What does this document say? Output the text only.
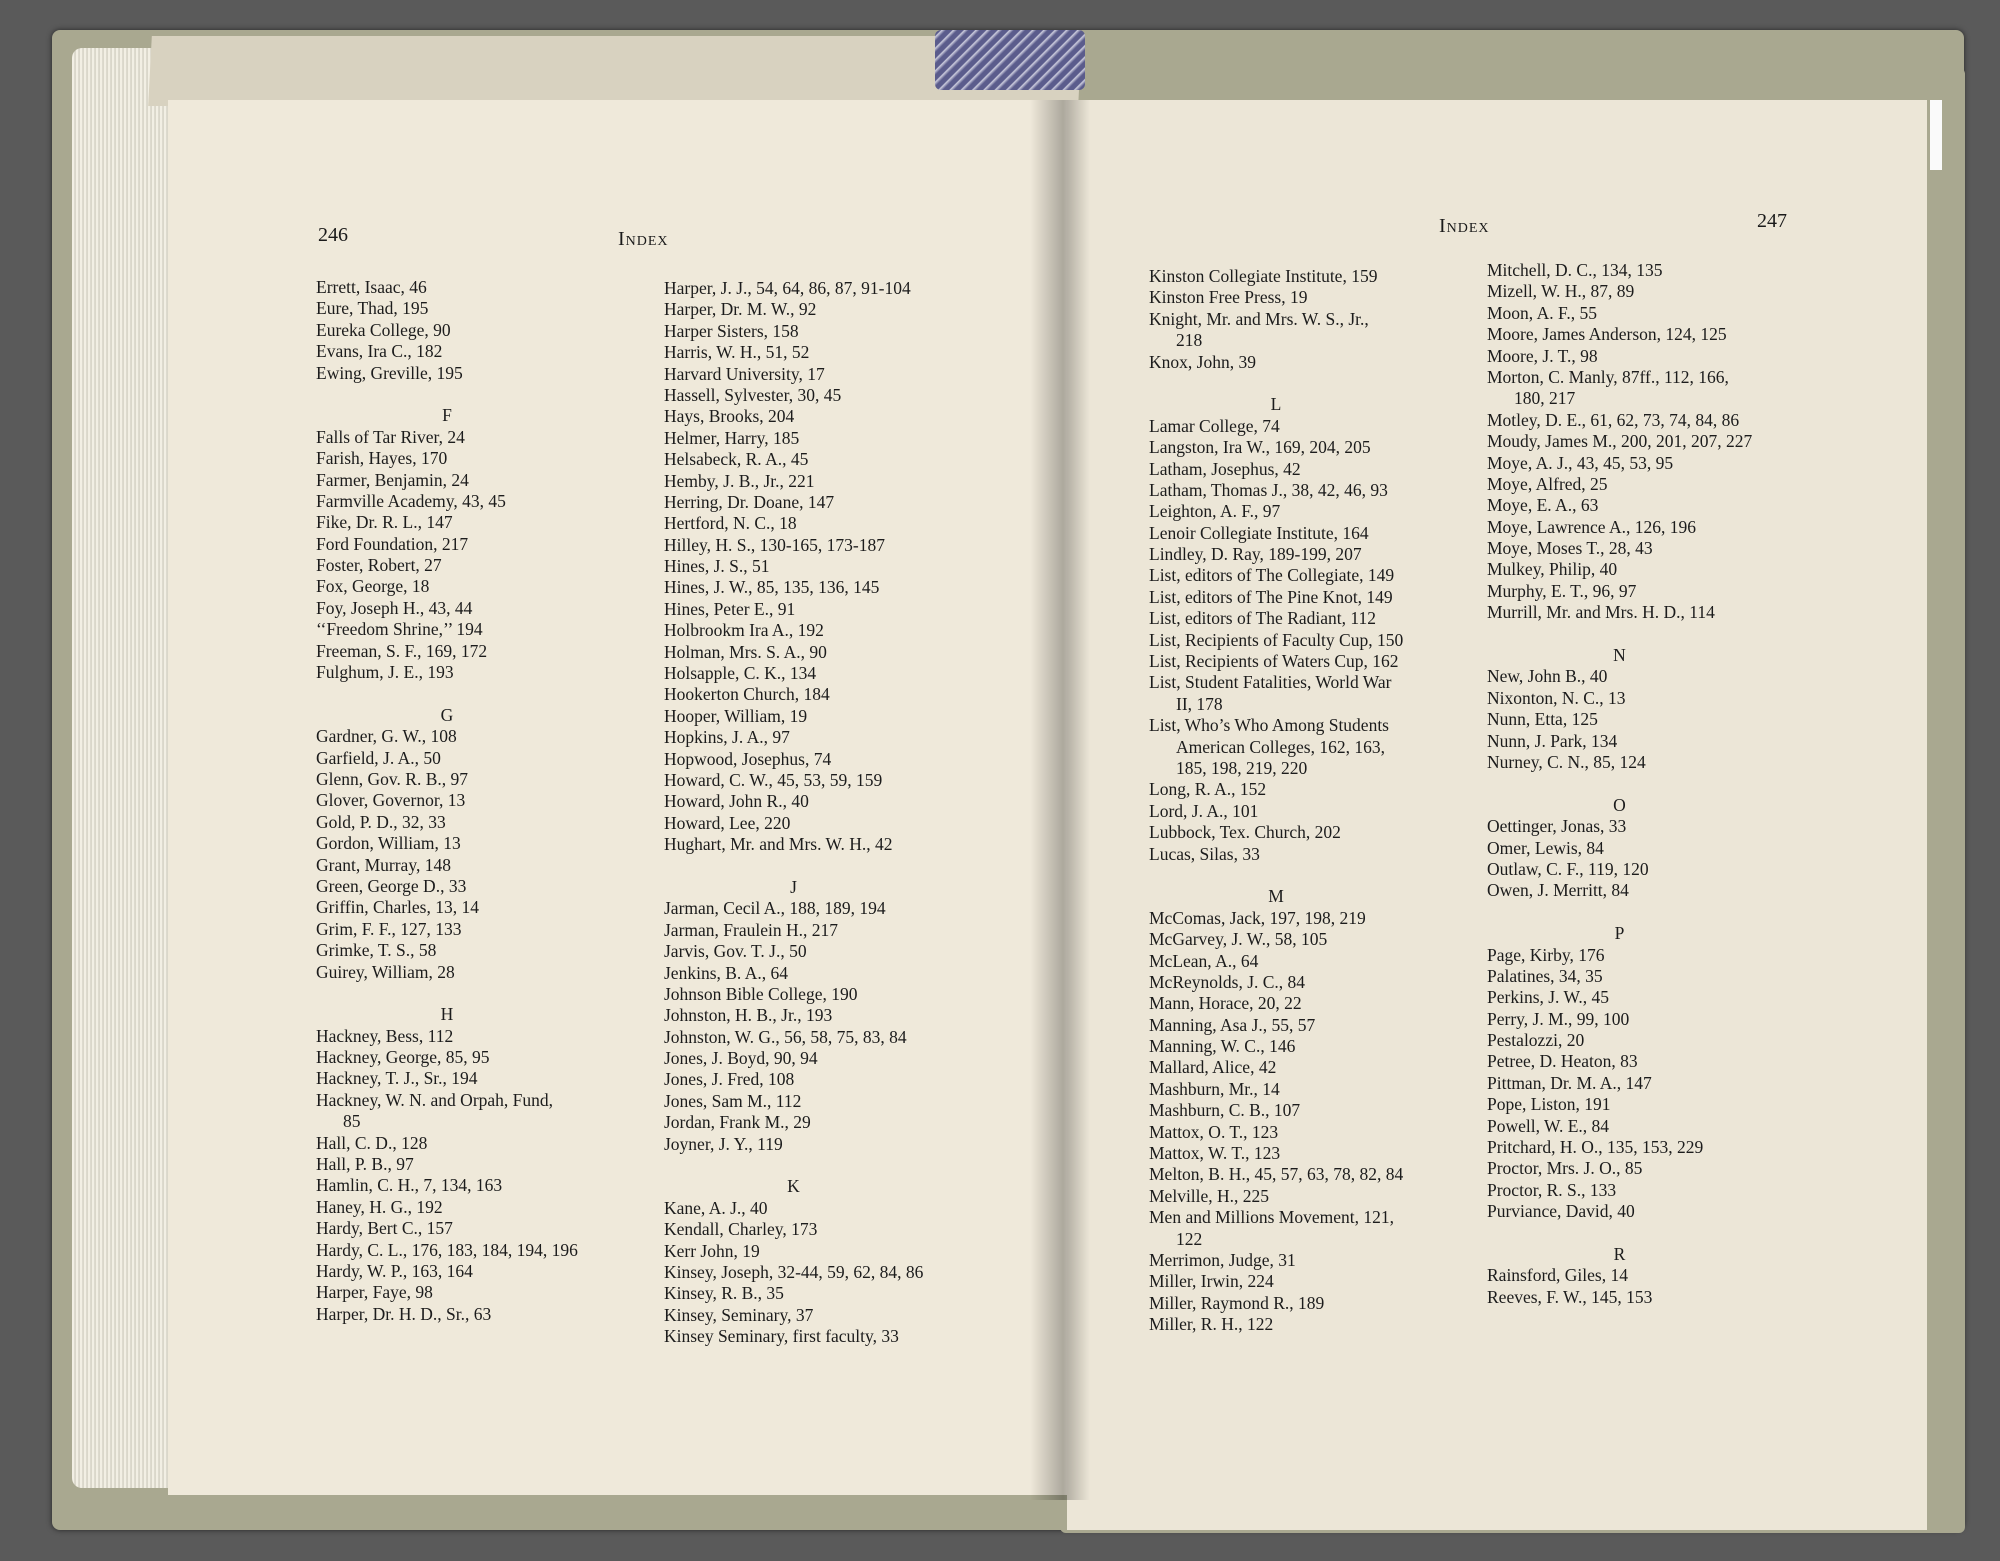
246	Index
Errett, Isaac, 46
Eure, Thad, 195
Eureka College, 90
Evans, Ira C., 182
Ewing, Greville, 195
F
Falls of Tar River, 24
Farish, Hayes, 170
Farmer, Benjamin, 24
Farmville Academy, 43, 45
Fike, Dr. R. L., 147
Ford Foundation, 217
Foster, Robert, 27
Fox, George, 18
Foy, Joseph H., 43, 44
‘‘Freedom Shrine,’’ 194
Freeman, S. F., 169, 172
Fulghum, J. E., 193
G
Gardner, G. W., 108
Garfield, J. A., 50
Glenn, Gov. R. B., 97
Glover, Governor, 13
Gold, P. D., 32, 33
Gordon, William, 13
Grant, Murray, 148
Green, George D., 33
Griffin, Charles, 13, 14
Grim, F. F., 127, 133
Grimke, T. S., 58
Guirey, William, 28
H
Hackney, Bess, 112
Hackney, George, 85, 95
Hackney, T. J., Sr., 194
Hackney, W. N. and Orpah, Fund,
85
Hall, C. D., 128
Hall, P. B., 97
Hamlin, C. H., 7, 134, 163
Haney, H. G., 192
Hardy, Bert C., 157
Hardy, C. L., 176, 183, 184, 194, 196
Hardy, W. P., 163, 164
Harper, Faye, 98
Harper, Dr. H. D., Sr., 63
Harper, J. J., 54, 64, 86, 87, 91-104
Harper, Dr. M. W., 92
Harper Sisters, 158
Harris, W. H., 51, 52
Harvard University, 17
Hassell, Sylvester, 30, 45
Hays, Brooks, 204
Helmer, Harry, 185
Helsabeck, R. A., 45
Hemby, J. B., Jr., 221
Herring, Dr. Doane, 147
Hertford, N. C., 18
Hilley, H. S., 130-165, 173-187
Hines, J. S., 51
Hines, J. W., 85, 135, 136, 145
Hines, Peter E., 91
Holbrookm Ira A., 192
Holman, Mrs. S. A., 90
Holsapple, C. K., 134
Hookerton Church, 184
Hooper, William, 19
Hopkins, J. A., 97
Hopwood, Josephus, 74
Howard, C. W., 45, 53, 59, 159
Howard, John R., 40
Howard, Lee, 220
Hughart, Mr. and Mrs. W. H., 42
J
Jarman, Cecil A., 188, 189, 194
Jarman, Fraulein H., 217
Jarvis, Gov. T. J., 50
Jenkins, B. A., 64
Johnson Bible College, 190
Johnston, H. B., Jr., 193
Johnston, W. G., 56, 58, 75, 83, 84
Jones, J. Boyd, 90, 94
Jones, J. Fred, 108
Jones, Sam M., 112
Jordan, Frank M., 29
Joyner, J. Y., 119
K
Kane, A. J., 40
Kendall, Charley, 173
Kerr John, 19
Kinsey, Joseph, 32-44, 59, 62, 84, 86
Kinsey, R. B., 35
Kinsey, Seminary, 37
Kinsey Seminary, first faculty, 33
Index	247
Kinston Collegiate Institute, 159
Kinston Free Press, 19
Knight, Mr. and Mrs. W. S., Jr.,
218
Knox, John, 39
L
Lamar College, 74
Langston, Ira W., 169, 204, 205
Latham, Josephus, 42
Latham, Thomas J., 38, 42, 46, 93
Leighton, A. F., 97
Lenoir Collegiate Institute, 164
Lindley, D. Ray, 189-199, 207
List, editors of The Collegiate, 149
List, editors of The Pine Knot, 149
List, editors of The Radiant, 112
List, Recipients of Faculty Cup, 150
List, Recipients of Waters Cup, 162
List, Student Fatalities, World War
II, 178
List, Who’s Who Among Students
American Colleges, 162, 163,
185, 198, 219, 220
Long, R. A., 152
Lord, J. A., 101
Lubbock, Tex. Church, 202
Lucas, Silas, 33
M
McComas, Jack, 197, 198, 219
McGarvey, J. W., 58, 105
McLean, A., 64
McReynolds, J. C., 84
Mann, Horace, 20, 22
Manning, Asa J., 55, 57
Manning, W. C., 146
Mallard, Alice, 42
Mashburn, Mr., 14
Mashburn, C. B., 107
Mattox, O. T., 123
Mattox, W. T., 123
Melton, B. H., 45, 57, 63, 78, 82, 84
Melville, H., 225
Men and Millions Movement, 121,
122
Merrimon, Judge, 31
Miller, Irwin, 224
Miller, Raymond R., 189
Miller, R. H., 122
Mitchell, D. C., 134, 135
Mizell, W. H., 87, 89
Moon, A. F., 55
Moore, James Anderson, 124, 125
Moore, J. T., 98
Morton, C. Manly, 87ff., 112, 166,
180, 217
Motley, D. E., 61, 62, 73, 74, 84, 86
Moudy, James M., 200, 201, 207, 227
Moye, A. J., 43, 45, 53, 95
Moye, Alfred, 25
Moye, E. A., 63
Moye, Lawrence A., 126, 196
Moye, Moses T., 28, 43
Mulkey, Philip, 40
Murphy, E. T., 96, 97
Murrill, Mr. and Mrs. H. D., 114
N
New, John B., 40
Nixonton, N. C., 13
Nunn, Etta, 125
Nunn, J. Park, 134
Nurney, C. N., 85, 124
O
Oettinger, Jonas, 33
Omer, Lewis, 84
Outlaw, C. F., 119, 120
Owen, J. Merritt, 84
P
Page, Kirby, 176
Palatines, 34, 35
Perkins, J. W., 45
Perry, J. M., 99, 100
Pestalozzi, 20
Petree, D. Heaton, 83
Pittman, Dr. M. A., 147
Pope, Liston, 191
Powell, W. E., 84
Pritchard, H. O., 135, 153, 229
Proctor, Mrs. J. O., 85
Proctor, R. S., 133
Purviance, David, 40
R
Rainsford, Giles, 14
Reeves, F. W., 145, 153
